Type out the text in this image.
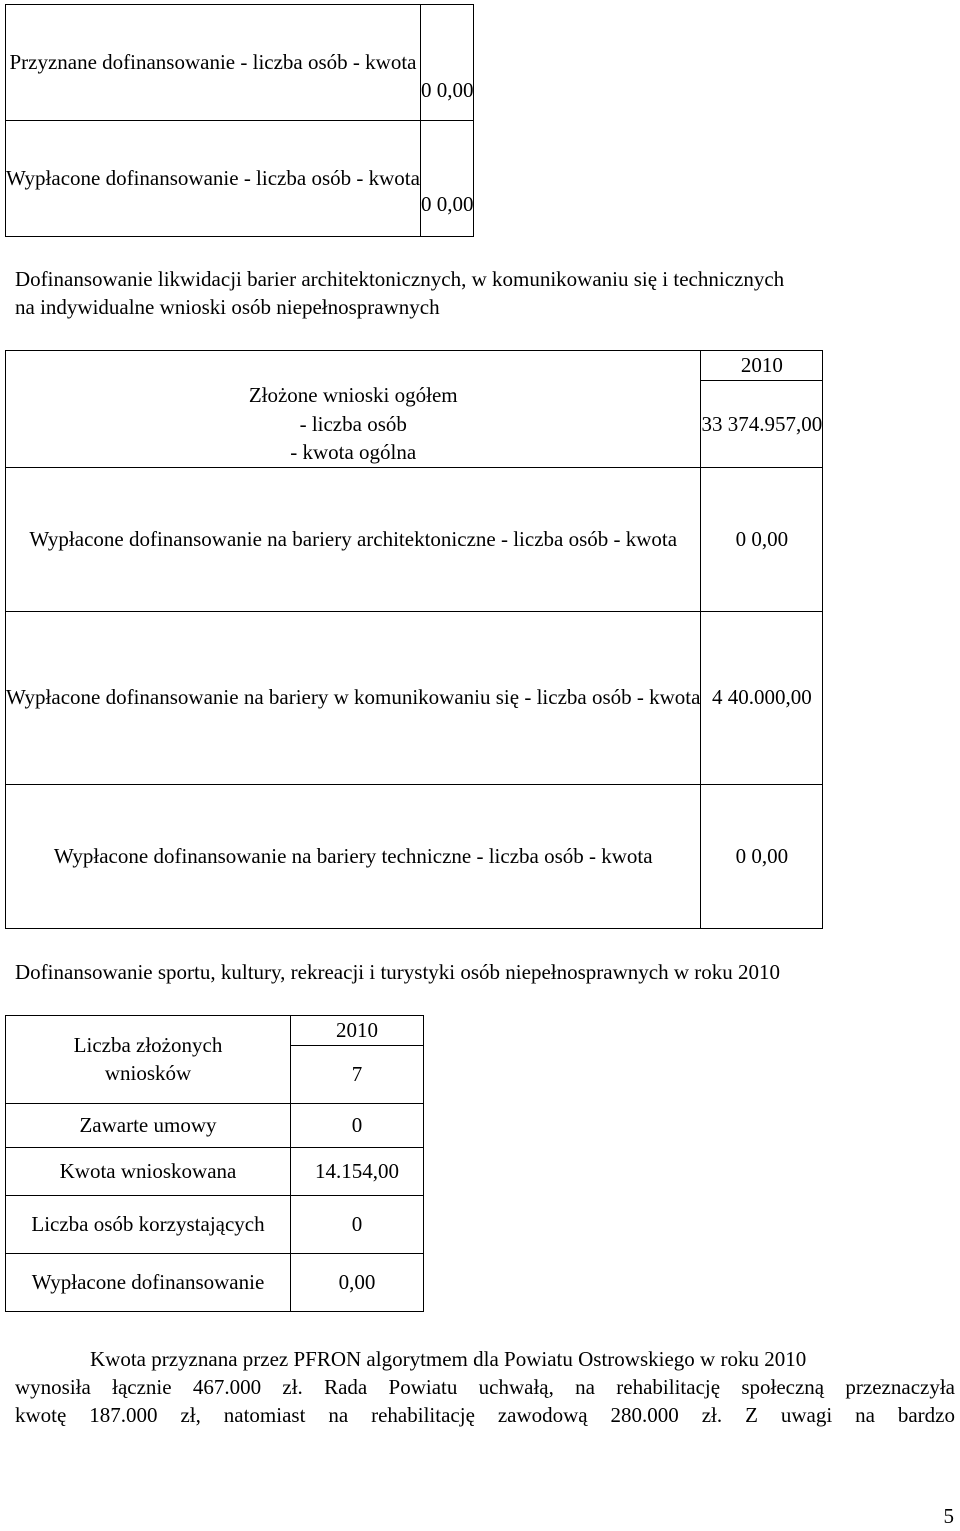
Przyznane dofinansowanie - liczba osób - kwota	0 0,00
Wypłacone dofinansowanie - liczba osób - kwota	0 0,00
Dofinansowanie likwidacji barier architektonicznych, w komunikowaniu się i technicznych
na indywidualne wnioski osób niepełnosprawnych
Złożone wnioski ogółem
- liczba osób
- kwota ogólna	2010
	33 374.957,00
Wypłacone dofinansowanie na bariery architektoniczne - liczba osób - kwota	0 0,00
Wypłacone dofinansowanie na bariery w komunikowaniu się - liczba osób - kwota	4 40.000,00
Wypłacone dofinansowanie na bariery techniczne - liczba osób - kwota	0 0,00
Dofinansowanie sportu, kultury, rekreacji i turystyki osób niepełnosprawnych w roku 2010
Liczba złożonych
wniosków	2010
	7
Zawarte umowy	0
Kwota wnioskowana	14.154,00
Liczba osób korzystających	0
Wypłacone dofinansowanie	0,00
Kwota przyznana przez PFRON algorytmem dla Powiatu Ostrowskiego w roku 2010
wynosiła łącznie 467.000 zł. Rada Powiatu uchwałą, na rehabilitację społeczną przeznaczyła
kwotę 187.000 zł, natomiast na rehabilitację zawodową 280.000 zł. Z uwagi na bardzo
5
